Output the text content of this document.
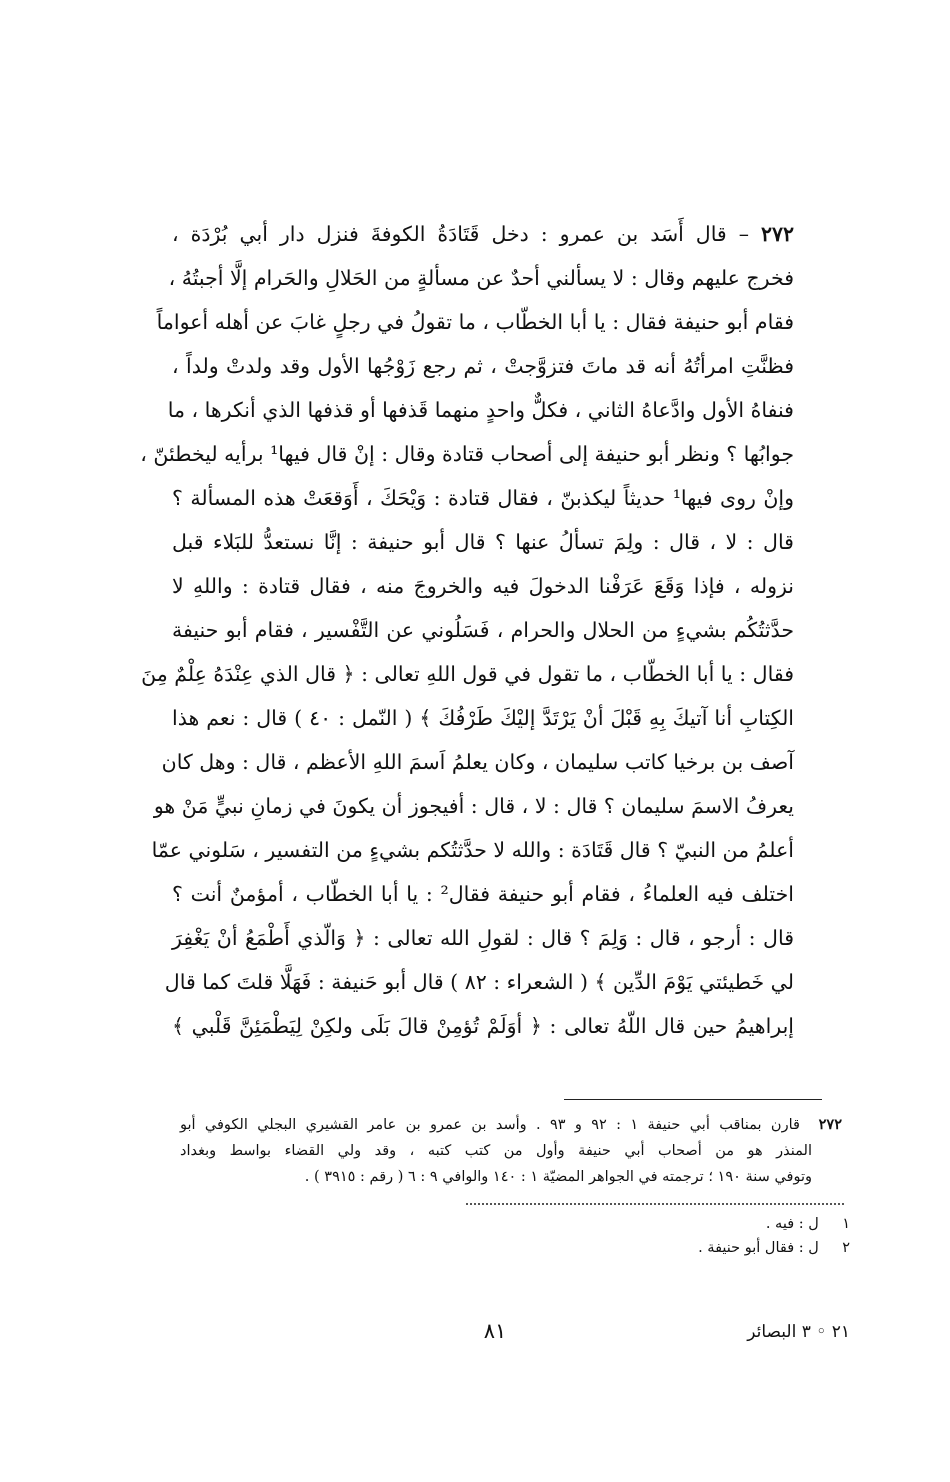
٢٧٢ – قال أَسَد بن عمرو : دخل قَتَادَةُ الكوفةَ فنزل دار أبي بُرْدَة ،
فخرج عليهم وقال : لا يسألني أحدٌ عن مسألةٍ من الحَلالِ والحَرام إلَّا أجبتُهُ ،
فقام أبو حنيفة فقال : يا أبا الخطّاب ، ما تقولُ في رجلٍ غابَ عن أهله أعواماً
فظنَّتِ امرأتُهُ أنه قد ماتَ فتزوَّجتْ ، ثم رجع زَوْجُها الأول وقد ولدتْ ولداً ،
فنفاهُ الأول وادَّعاهُ الثاني ، فكلٌّ واحدٍ منهما قَذفها أو قذفها الذي أنكرها ، ما
جوابُها ؟ ونظر أبو حنيفة إلى أصحاب قتادة وقال : إنْ قال فيها¹ برأيه ليخطئنّ ،
وإنْ روى فيها¹ حديثاً ليكذبنّ ، فقال قتادة : وَيْحَكَ ، أَوَقعَتْ هذه المسألة ؟
قال : لا ، قال : ولِمَ تسألُ عنها ؟ قال أبو حنيفة : إنَّا نستعدُّ للبَلاء قبل
نزوله ، فإذا وَقَعَ عَرَفْنا الدخولَ فيه والخروجَ منه ، فقال قتادة : واللهِ لا
حدَّثتُكُم بشيءٍ من الحلال والحرام ، فَسَلُوني عن التَّفْسير ، فقام أبو حنيفة
فقال : يا أبا الخطّاب ، ما تقول في قول اللهِ تعالى : ﴿ قال الذي عِنْدَهُ عِلْمٌ مِنَ
الكِتابِ أنا آتيكَ بِهِ قَبْلَ أنْ يَرْتَدَّ إليْكَ طَرْفُكَ ﴾ ( النّمل : ٤٠ ) قال : نعم هذا
آصف بن برخيا كاتب سليمان ، وكان يعلمُ اَسمَ اللهِ الأعظم ، قال : وهل كان
يعرفُ الاسمَ سليمان ؟ قال : لا ، قال : أفيجوز أن يكونَ في زمانِ نبيٍّ مَنْ هو
أعلمُ من النبيّ ؟ قال قَتَادَة : والله لا حدَّثتُكم بشيءٍ من التفسير ، سَلوني عمّا
اختلف فيه العلماءُ ، فقام أبو حنيفة فقال² : يا أبا الخطّاب ، أمؤمنٌ أنت ؟
قال : أرجو ، قال : وَلِمَ ؟ قال : لقولِ الله تعالى : ﴿ وَالّذي أَطْمَعُ أنْ يَغْفِرَ
لي خَطيئتي يَوْمَ الدِّين ﴾ ( الشعراء : ٨٢ ) قال أبو حَنيفة : فَهَلَّا قلتَ كما قال
إبراهيمُ حين قال اللّهُ تعالى : ﴿ أوَلَمْ تُؤمِنْ قالَ بَلَى ولكِنْ لِيَطْمَئِنَّ قَلْبي ﴾
٢٧٢  قارن بمناقب أبي حنيفة ١ : ٩٢ و ٩٣ . وأسد بن عمرو بن عامر القشيري البجلي الكوفي أبو
المنذر هو من أصحاب أبي حنيفة وأول من كتب كتبه ، وقد ولي القضاء بواسط وبغداد
وتوفي سنة ١٩٠ ؛ ترجمته في الجواهر المضيّة ١ : ١٤٠ والوافي ٩ : ٦ ( رقم : ٣٩١٥ ) .
١  ل : فيه .
٢  ل : فقال أبو حنيفة .
٢١ ◦ ٣ البصائر
٨١
